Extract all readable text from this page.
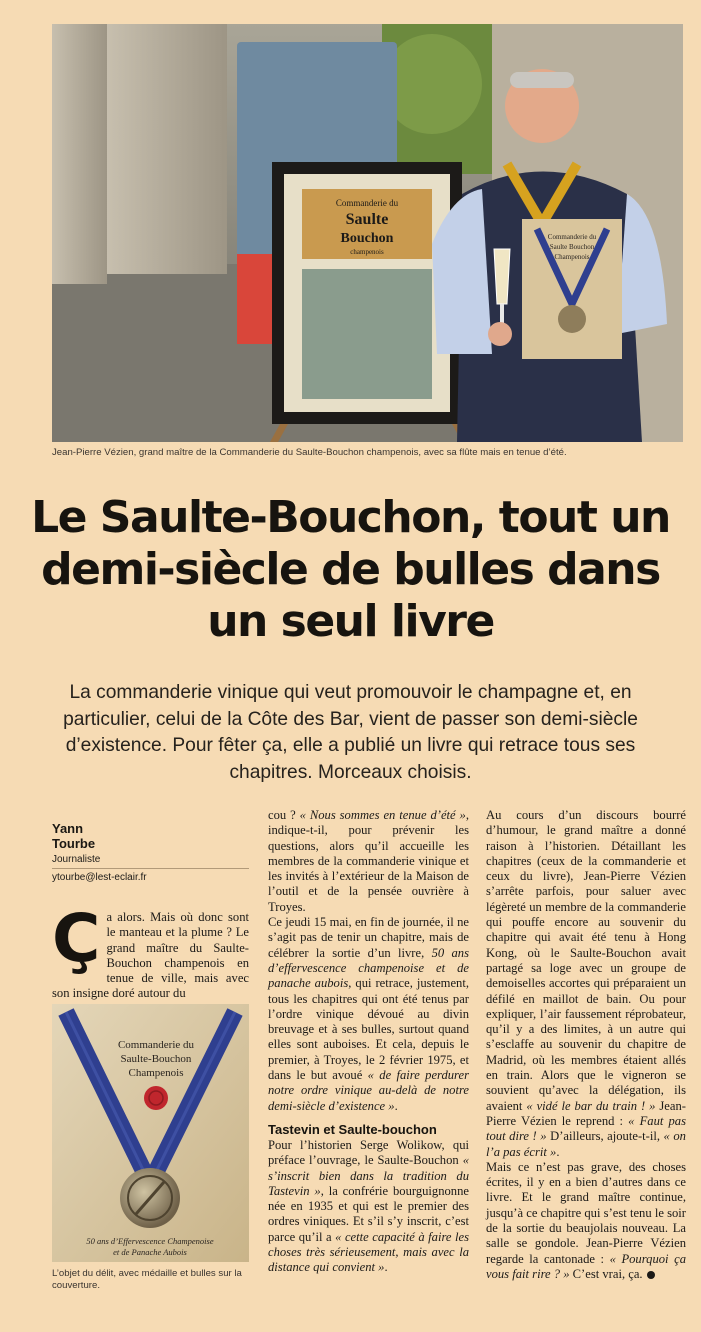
Commanderie du
Saulte
Bouchon
champenois
Commanderie du
Saulte Bouchon
Champenois
Jean-Pierre Vézien, grand maître de la Commanderie du Saulte-Bouchon champenois, avec sa flûte mais en tenue d’été.
Le Saulte-Bouchon, tout un demi-siècle de bulles dans un seul livre

La commanderie vinique qui veut promouvoir le champagne et, en particulier, celui de la Côte des Bar, vient de passer son demi-siècle d’existence. Pour fêter ça, elle a publié un livre qui retrace tous ses chapitres. Morceaux choisis.

Yann
Tourbe
Journaliste
ytourbe@lest-eclair.fr
Ça alors. Mais où donc sont le manteau et la plume ? Le grand maître du Saulte-Bouchon champenois en tenue de ville, mais avec son insigne doré autour du
Commanderie du
Saulte-Bouchon
Champenois
50 ans d’Effervescence Champenoise
et de Panache Aubois
L’objet du délit, avec médaille et bulles sur la couverture.

cou ? « Nous sommes en tenue d’été », indique-t-il, pour prévenir les questions, alors qu’il accueille les membres de la commanderie vinique et les invités à l’extérieur de la Maison de l’outil et de la pensée ouvrière à Troyes.

Ce jeudi 15 mai, en fin de journée, il ne s’agit pas de tenir un chapitre, mais de célébrer la sortie d’un livre, 50 ans d’effervescence champenoise et de panache aubois, qui retrace, justement, tous les chapitres qui ont été tenus par l’ordre vinique dévoué au divin breuvage et à ses bulles, surtout quand elles sont auboises. Et cela, depuis le premier, à Troyes, le 2 février 1975, et dans le but avoué « de faire perdurer notre ordre vinique au-delà de notre demi-siècle d’existence ».

Tastevin et Saulte-bouchon

Pour l’historien Serge Wolikow, qui préface l’ouvrage, le Saulte-Bouchon « s’inscrit bien dans la tradition du Tastevin », la confrérie bourguignonne née en 1935 et qui est le premier des ordres viniques. Et s’il s’y inscrit, c’est parce qu’il a « cette capacité à faire les choses très sérieusement, mais avec la distance qui convient ».

Au cours d’un discours bourré d’humour, le grand maître a donné raison à l’historien. Détaillant les chapitres (ceux de la commanderie et ceux du livre), Jean-Pierre Vézien s’arrête parfois, pour saluer avec légèreté un membre de la commanderie qui pouffe encore au souvenir du chapitre qui avait été tenu à Hong Kong, où le Saulte-Bouchon avait partagé sa loge avec un groupe de demoiselles accortes qui préparaient un défilé en maillot de bain. Ou pour expliquer, l’air faussement réprobateur, qu’il y a des limites, à un autre qui s’esclaffe au souvenir du chapitre de Madrid, où les membres étaient allés en train. Alors que le vigneron se souvient qu’avec la délégation, ils avaient « vidé le bar du train ! » Jean-Pierre Vézien le reprend : « Faut pas tout dire ! » D’ailleurs, ajoute-t-il, « on l’a pas écrit ».

Mais ce n’est pas grave, des choses écrites, il y en a bien d’autres dans ce livre. Et le grand maître continue, jusqu’à ce chapitre qui s’est tenu le soir de la sortie du beaujolais nouveau. La salle se gondole. Jean-Pierre Vézien regarde la cantonade : « Pourquoi ça vous fait rire ? » C’est vrai, ça.
